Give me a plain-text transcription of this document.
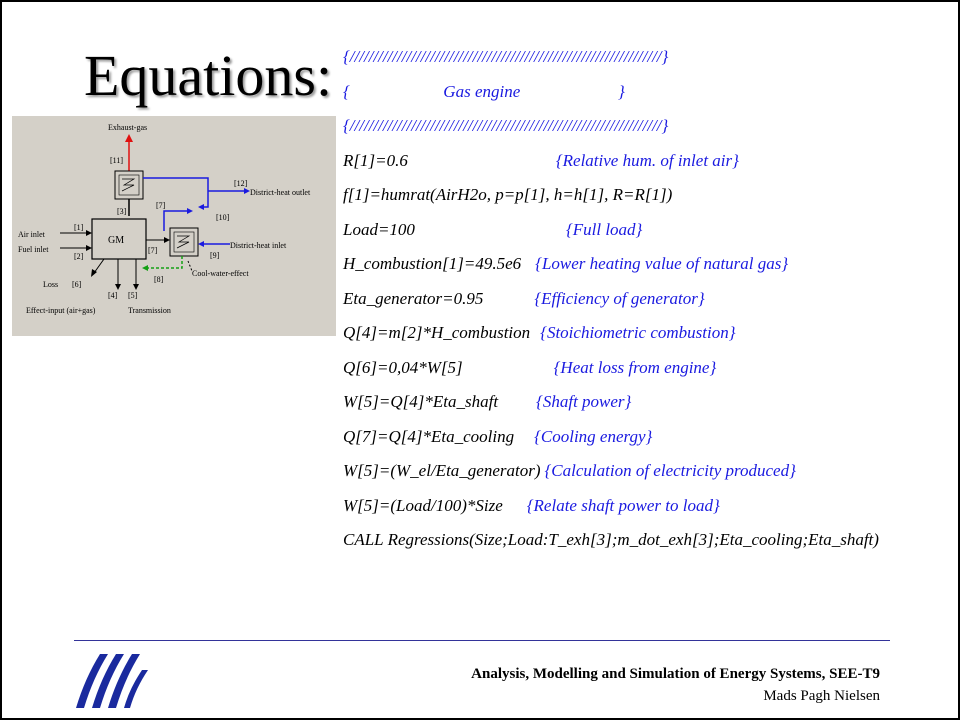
Equations:
Exhaust-gas
[11]
[3]
GM
Air inlet
Fuel inlet
[1]
[2]
Loss [6]
[4] [5]
Effect-input (air+gas)	Transmission
[7]
[10]
[12]
District-heat outlet
[7]
[9]
District-heat inlet
[8]
Cool-water-effect
{//////////////////////////////////////////////////////////////////}
{                      Gas engine                       }
{//////////////////////////////////////////////////////////////////}
R[1]=0.6	{Relative hum. of inlet air}
f[1]=humrat(AirH2o, p=p[1], h=h[1], R=R[1])
Load=100	{Full load}
H_combustion[1]=49.5e6 {Lower heating value of natural gas}
Eta_generator=0.95	{Efficiency of generator}
Q[4]=m[2]*H_combustion {Stoichiometric combustion}
Q[6]=0,04*W[5]	{Heat loss from engine}
W[5]=Q[4]*Eta_shaft {Shaft power}
Q[7]=Q[4]*Eta_cooling {Cooling energy}
W[5]=(W_el/Eta_generator) {Calculation of electricity produced}
W[5]=(Load/100)*Size {Relate shaft power to load}
CALL Regressions(Size;Load:T_exh[3];m_dot_exh[3];Eta_cooling;Eta_shaft)
Analysis, Modelling and Simulation of Energy Systems, SEE-T9
Mads Pagh Nielsen
